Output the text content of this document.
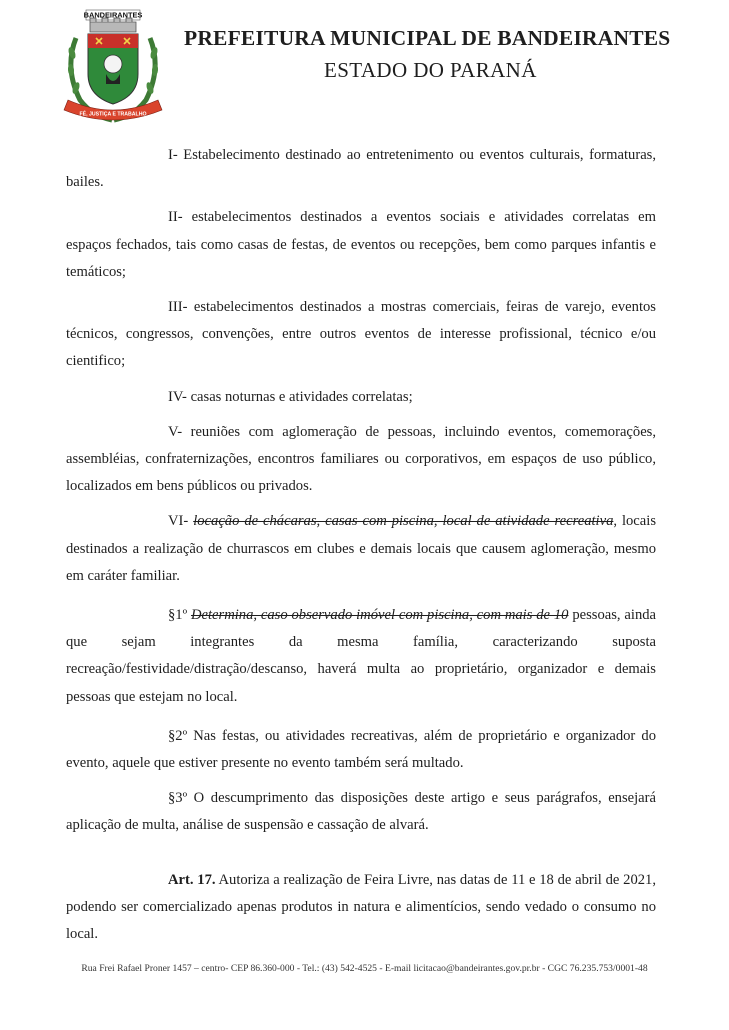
BANDEIRANTES
FÉ, JUSTIÇA E TRABALHO
PREFEITURA MUNICIPAL DE BANDEIRANTES
ESTADO DO PARANÁ

I- Estabelecimento destinado ao entretenimento ou eventos culturais, formaturas, bailes.

II- estabelecimentos destinados a eventos sociais e atividades correlatas em espaços fechados, tais como casas de festas, de eventos ou recepções, bem como parques infantis e temáticos;

III- estabelecimentos destinados a mostras comerciais, feiras de varejo, eventos técnicos, congressos, convenções, entre outros eventos de interesse profissional, técnico e/ou cientifico;

IV- casas noturnas e atividades correlatas;

V- reuniões com aglomeração de pessoas, incluindo eventos, comemorações, assembléias, confraternizações, encontros familiares ou corporativos, em espaços de uso público, localizados em bens públicos ou privados.

VI- locação de chácaras, casas com piscina, local de atividade recreativa, locais destinados a realização de churrascos em clubes e demais locais que causem aglomeração, mesmo em caráter familiar.

§1º Determina, caso observado imóvel com piscina, com mais de 10 pessoas, ainda que sejam integrantes da mesma família, caracterizando suposta recreação/festividade/distração/descanso, haverá multa ao proprietário, organizador e demais pessoas que estejam no local.

§2º Nas festas, ou atividades recreativas, além de proprietário e organizador do evento, aquele que estiver presente no evento também será multado.

§3º O descumprimento das disposições deste artigo e seus parágrafos, ensejará aplicação de multa, análise de suspensão e cassação de alvará.

Art. 17. Autoriza a realização de Feira Livre, nas datas de 11 e 18 de abril de 2021, podendo ser comercializado apenas produtos in natura e alimentícios, sendo vedado o consumo no local.

Rua Frei Rafael Proner 1457 – centro- CEP 86.360-000 - Tel.: (43) 542-4525 - E-mail licitacao@bandeirantes.gov.pr.br - CGC 76.235.753/0001-48
